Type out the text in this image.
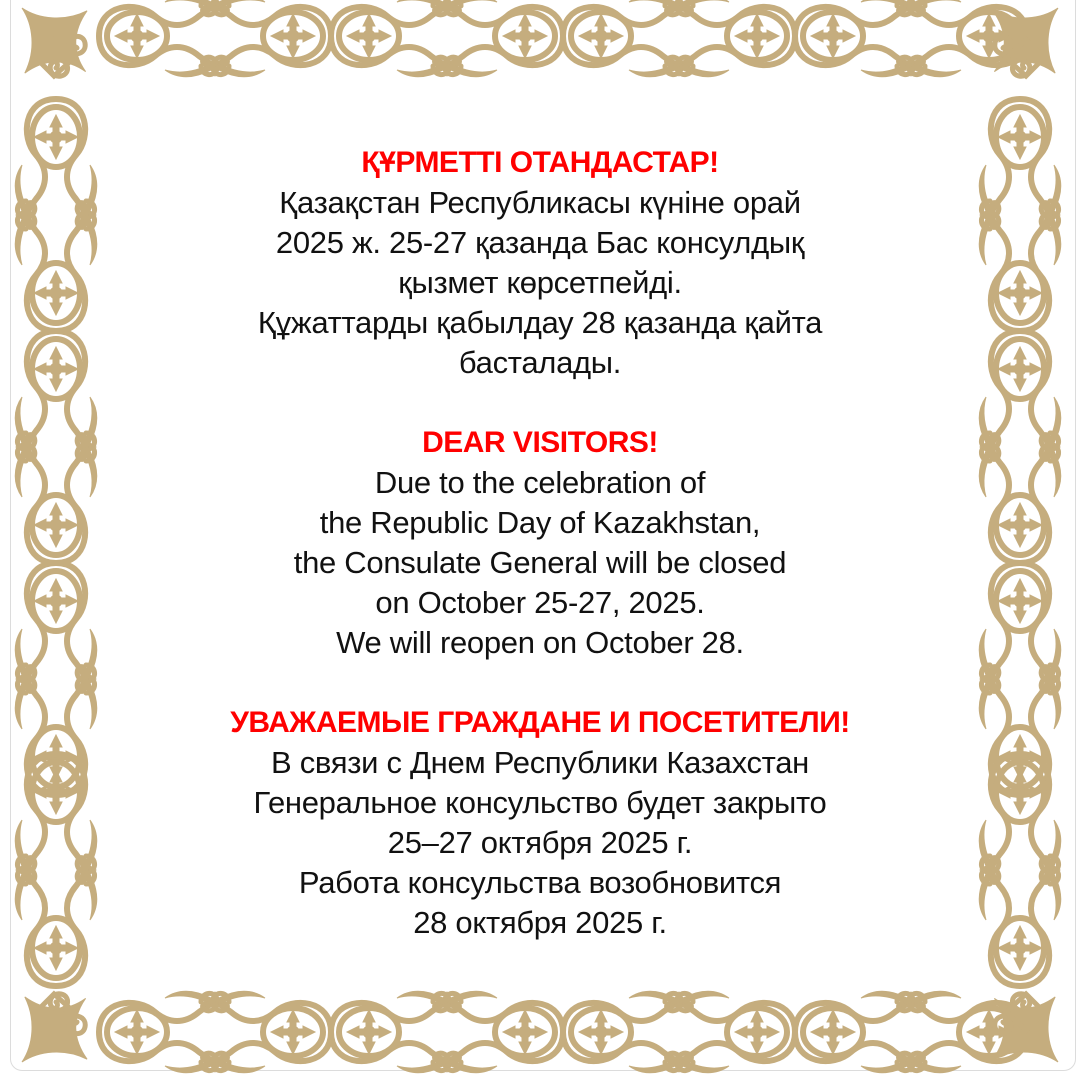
ҚҰРМЕТТІ ОТАНДАСТАР!

Қазақстан Республикасы күніне орай

2025 ж. 25-27 қазанда Бас консулдық

қызмет көрсетпейді.

Құжаттарды қабылдау 28 қазанда қайта

басталады.

DEAR VISITORS!

Due to the celebration of

the Republic Day of Kazakhstan,

the Consulate General will be closed

on October 25-27, 2025.

We will reopen on October 28.

УВАЖАЕМЫЕ ГРАЖДАНЕ И ПОСЕТИТЕЛИ!

В связи с Днем Республики Казахстан

Генеральное консульство будет закрыто

25–27 октября 2025 г.

Работа консульства возобновится

28 октября 2025 г.
